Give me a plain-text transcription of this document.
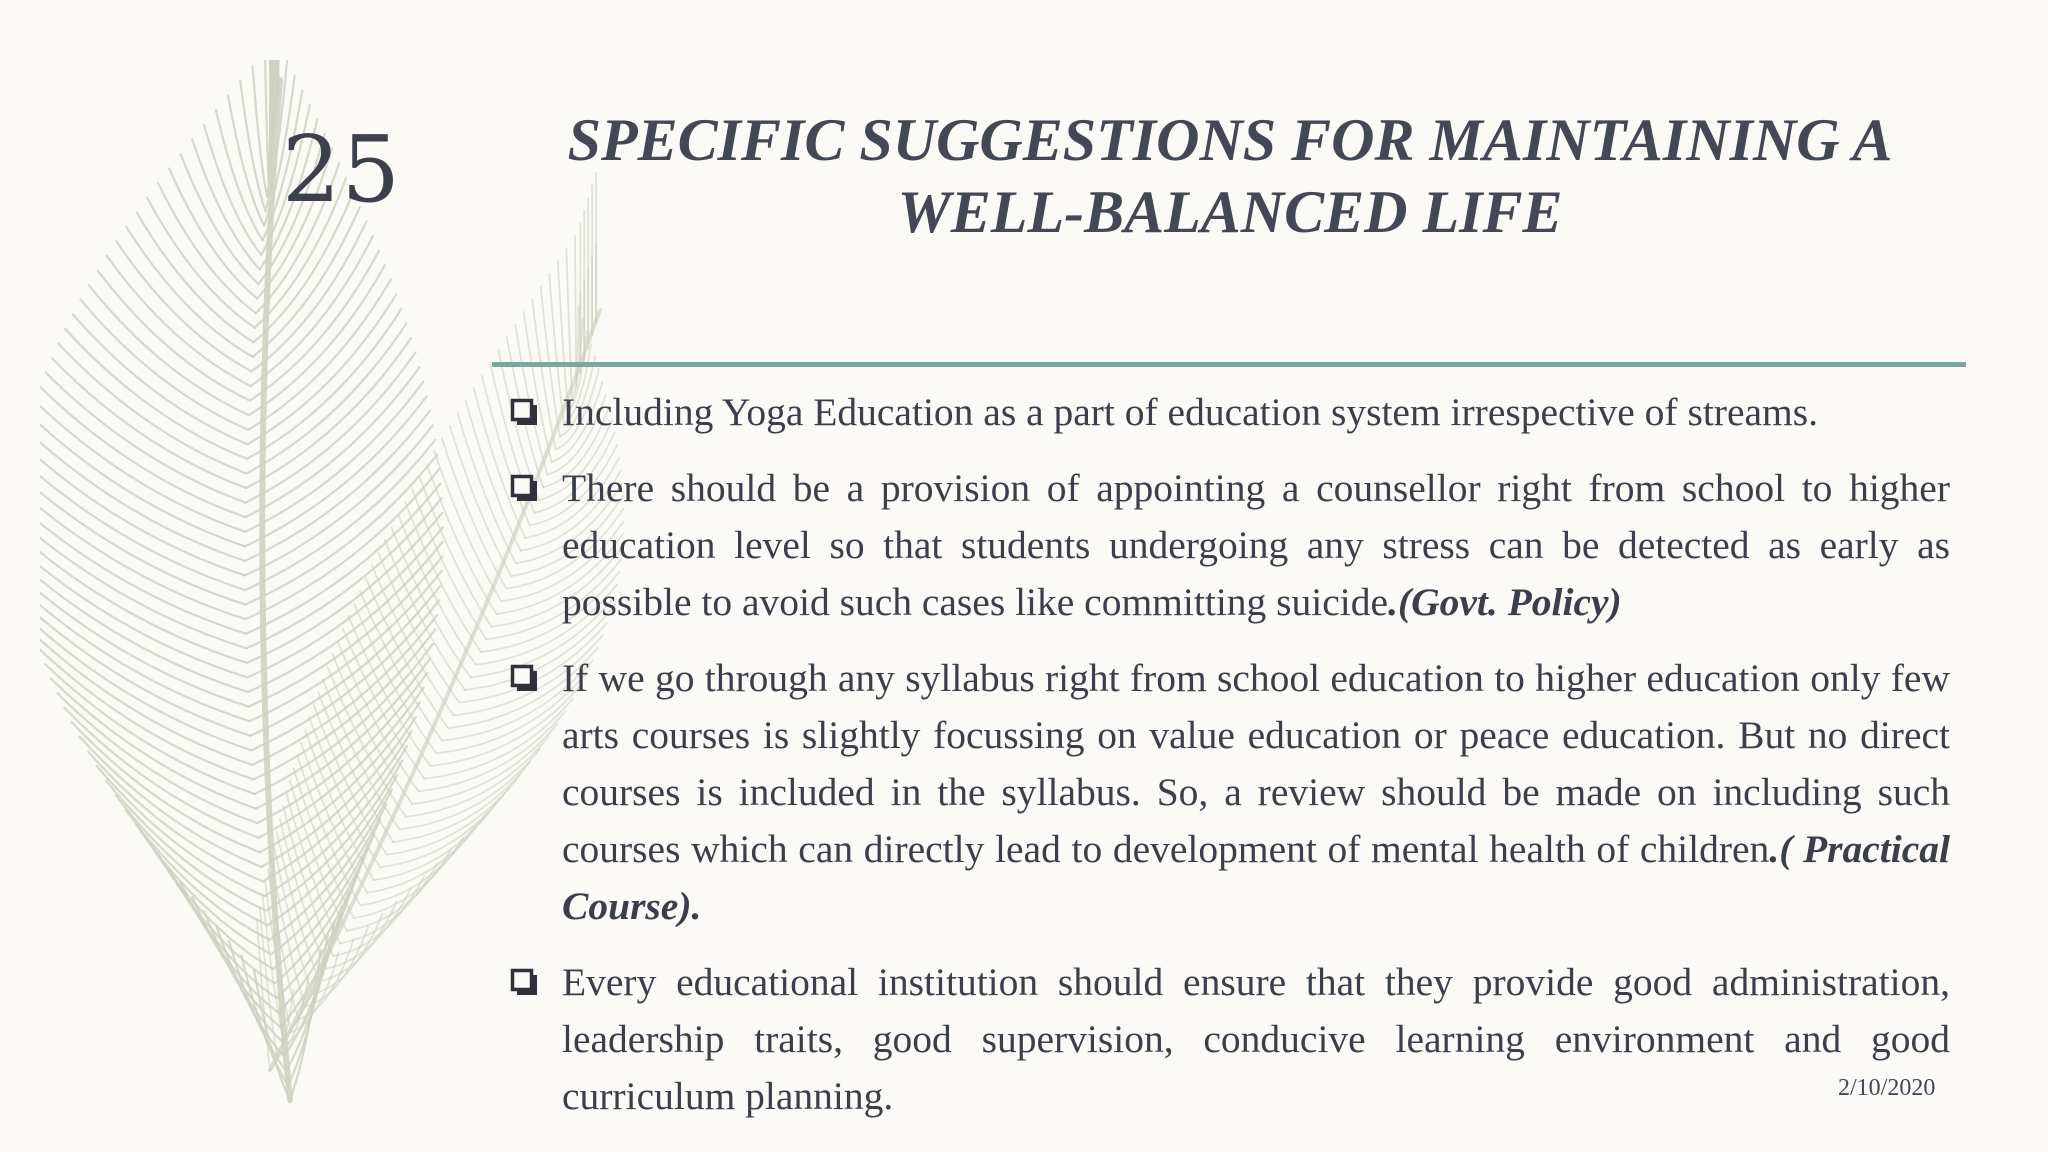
25	SPECIFIC SUGGESTIONS FOR MAINTAINING A
WELL-BALANCED LIFE
Including Yoga Education as a part of education system irrespective of streams.
There should be a provision of appointing a counsellor right from school to higher education level so that students undergoing any stress can be detected as early as possible to avoid such cases like committing suicide.(Govt. Policy)
If we go through any syllabus right from school education to higher education only few arts courses is slightly focussing on value education or peace education. But no direct courses is included in the syllabus. So, a review should be made on including such courses which can directly lead to development of mental health of children.( Practical Course).
Every educational institution should ensure that they provide good administration, leadership traits, good supervision, conducive learning environment and good curriculum planning.	2/10/2020
